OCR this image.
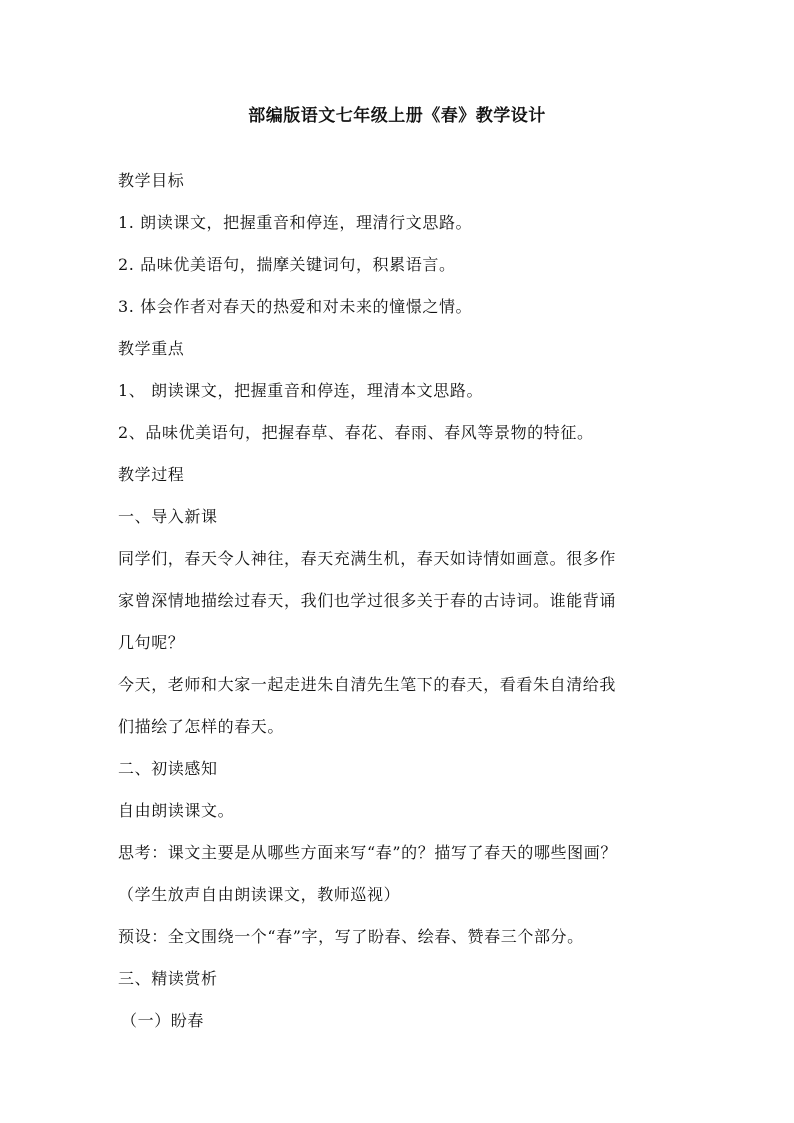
部编版语文七年级上册《春》教学设计
教学目标
1. 朗读课文，把握重音和停连，理清行文思路。
2. 品味优美语句，揣摩关键词句，积累语言。
3. 体会作者对春天的热爱和对未来的憧憬之情。
教学重点
1、 朗读课文，把握重音和停连，理清本文思路。
2、品味优美语句，把握春草、春花、春雨、春风等景物的特征。
教学过程
一、导入新课
同学们，春天令人神往，春天充满生机，春天如诗情如画意。很多作
家曾深情地描绘过春天，我们也学过很多关于春的古诗词。谁能背诵
几句呢？
今天，老师和大家一起走进朱自清先生笔下的春天，看看朱自清给我
们描绘了怎样的春天。
二、初读感知
自由朗读课文。
思考：课文主要是从哪些方面来写“春”的？描写了春天的哪些图画？
（学生放声自由朗读课文，教师巡视）
预设：全文围绕一个“春”字，写了盼春、绘春、赞春三个部分。
三、精读赏析
（一）盼春
